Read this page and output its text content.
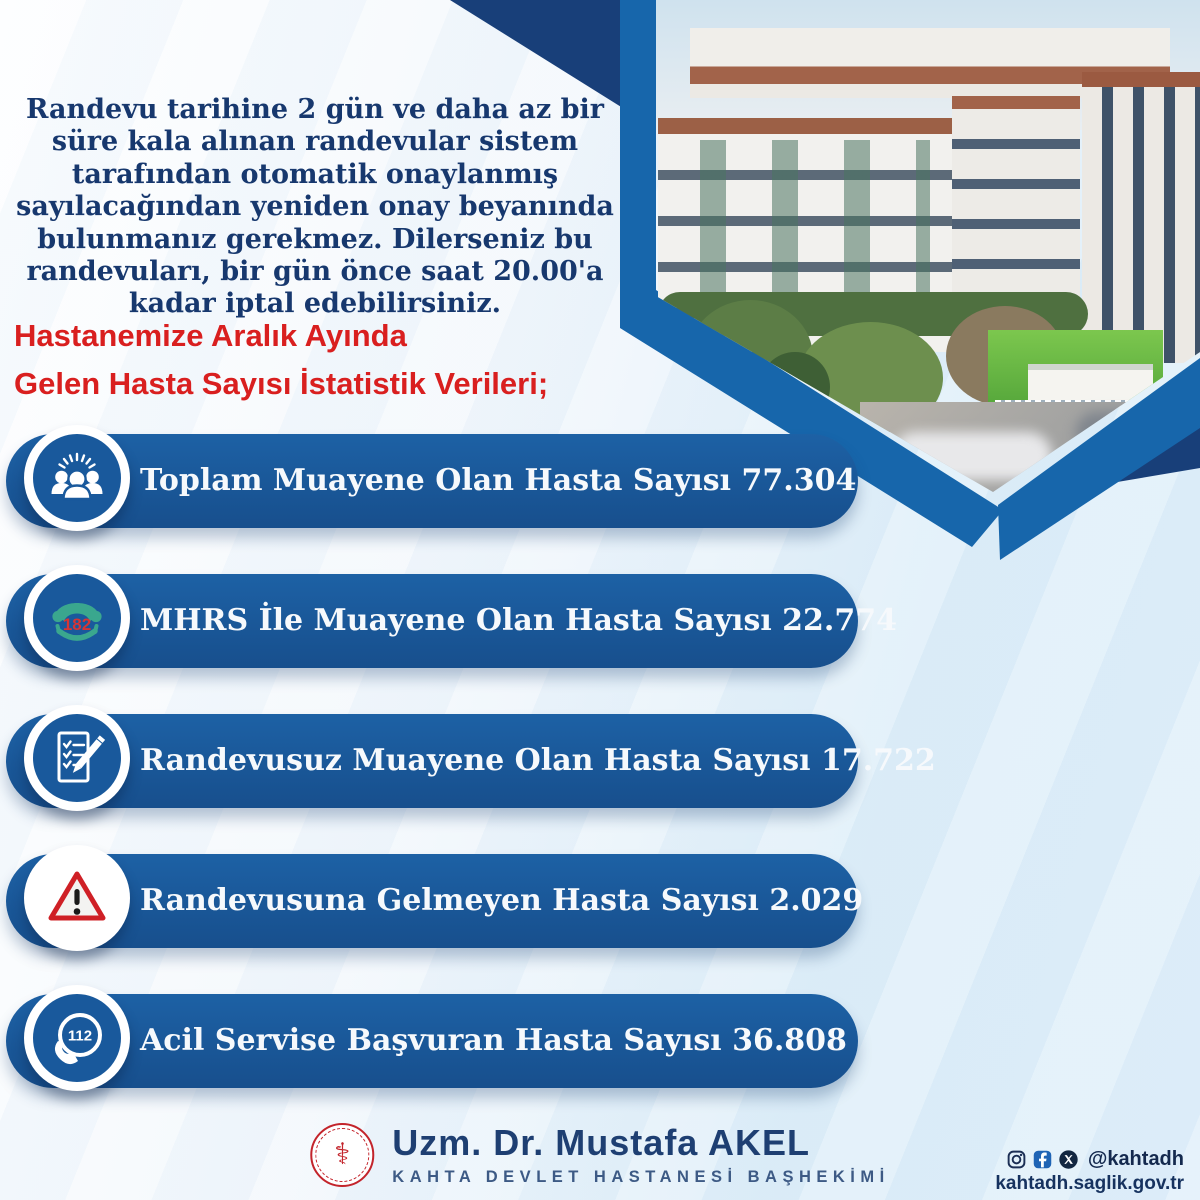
Randevu tarihine 2 gün ve daha az bir süre kala alınan randevular sistem tarafından otomatik onaylanmış sayılacağından yeniden onay beyanında bulunmanız gerekmez. Dilerseniz bu randevuları, bir gün önce saat 20.00'a kadar iptal edebilirsiniz.
Hastanemize Aralık Ayında
Gelen Hasta Sayısı İstatistik Verileri;
Toplam Muayene Olan Hasta Sayısı 77.304
182 MHRS İle Muayene Olan Hasta Sayısı 22.774
Randevusuz Muayene Olan Hasta Sayısı 17.722
Randevusuna Gelmeyen Hasta Sayısı 2.029
112 Acil Servise Başvuran Hasta Sayısı 36.808
⚕ Uzm. Dr. Mustafa AKEL
KAHTA DEVLET HASTANESİ BAŞHEKİMİ
@kahtadh
kahtadh.saglik.gov.tr
